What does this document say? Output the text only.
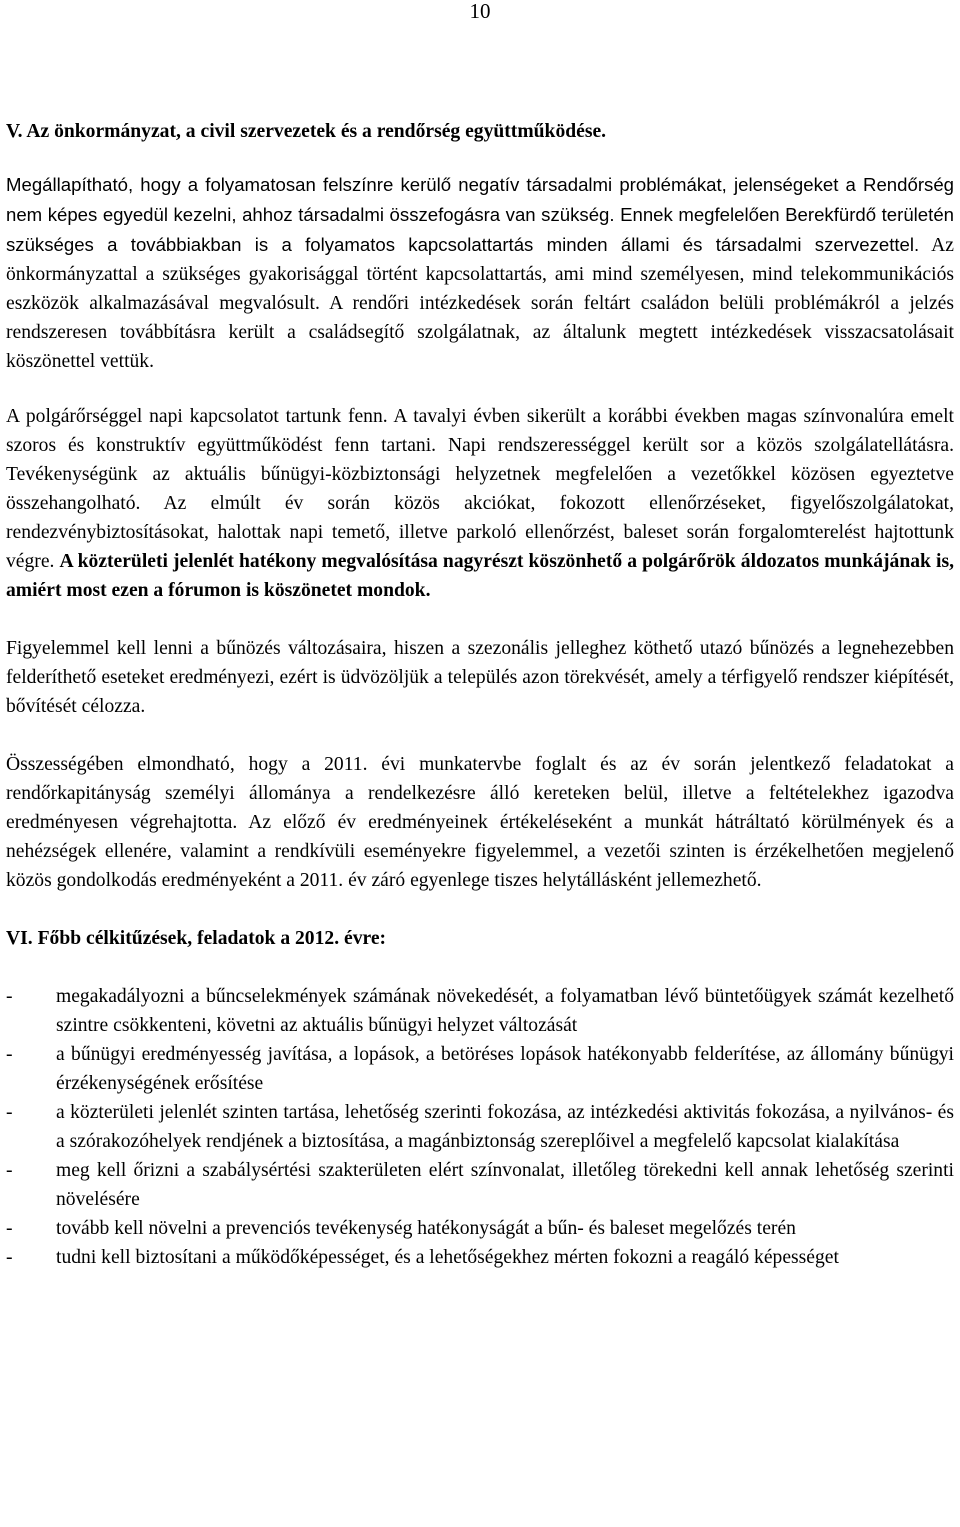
10
V. Az önkormányzat, a civil szervezetek és a rendőrség együttműködése.

Megállapítható, hogy a folyamatosan felszínre kerülő negatív társadalmi problémákat, jelenségeket a Rendőrség nem képes egyedül kezelni, ahhoz társadalmi összefogásra van szükség. Ennek megfelelően Berekfürdő területén szükséges a továbbiakban is a folyamatos kapcsolattartás minden állami és társadalmi szervezettel. Az önkormányzattal a szükséges gyakorisággal történt kapcsolattartás, ami mind személyesen, mind telekommunikációs eszközök alkalmazásával megvalósult. A rendőri intézkedések során feltárt családon belüli problémákról a jelzés rendszeresen továbbításra került a családsegítő szolgálatnak, az általunk megtett intézkedések visszacsatolásait köszönettel vettük.

A polgárőrséggel napi kapcsolatot tartunk fenn. A tavalyi évben sikerült a korábbi években magas színvonalúra emelt szoros és konstruktív együttműködést fenn tartani. Napi rendszerességgel került sor a közös szolgálatellátásra. Tevékenységünk az aktuális bűnügyi-közbiztonsági helyzetnek megfelelően a vezetőkkel közösen egyeztetve összehangolható. Az elmúlt év során közös akciókat, fokozott ellenőrzéseket, figyelőszolgálatokat, rendezvénybiztosításokat, halottak napi temető, illetve parkoló ellenőrzést, baleset során forgalomterelést hajtottunk végre. A közterületi jelenlét hatékony megvalósítása nagyrészt köszönhető a polgárőrök áldozatos munkájának is, amiért most ezen a fórumon is köszönetet mondok.

Figyelemmel kell lenni a bűnözés változásaira, hiszen a szezonális jelleghez köthető utazó bűnözés a legnehezebben felderíthető eseteket eredményezi, ezért is üdvözöljük a település azon törekvését, amely a térfigyelő rendszer kiépítését, bővítését célozza.

Összességében elmondható, hogy a 2011. évi munkatervbe foglalt és az év során jelentkező feladatokat a rendőrkapitányság személyi állománya a rendelkezésre álló kereteken belül, illetve a feltételekhez igazodva eredményesen végrehajtotta. Az előző év eredményeinek értékeléseként a munkát hátráltató körülmények és a nehézségek ellenére, valamint a rendkívüli eseményekre figyelemmel, a vezetői szinten is érzékelhetően megjelenő közös gondolkodás eredményeként a 2011. év záró egyenlege tiszes helytállásként jellemezhető.

VI. Főbb célkitűzések, feladatok a 2012. évre:
- megakadályozni a bűncselekmények számának növekedését, a folyamatban lévő büntetőügyek számát kezelhető szintre csökkenteni, követni az aktuális bűnügyi helyzet változását
- a bűnügyi eredményesség javítása, a lopások, a betöréses lopások hatékonyabb felderítése, az állomány bűnügyi érzékenységének erősítése
- a közterületi jelenlét szinten tartása, lehetőség szerinti fokozása, az intézkedési aktivitás fokozása, a nyilvános- és a szórakozóhelyek rendjének a biztosítása, a magánbiztonság szereplőivel a megfelelő kapcsolat kialakítása
- meg kell őrizni a szabálysértési szakterületen elért színvonalat, illetőleg törekedni kell annak lehetőség szerinti növelésére
- tovább kell növelni a prevenciós tevékenység hatékonyságát a bűn- és baleset megelőzés terén
- tudni kell biztosítani a működőképességet, és a lehetőségekhez mérten fokozni a reagáló képességet
